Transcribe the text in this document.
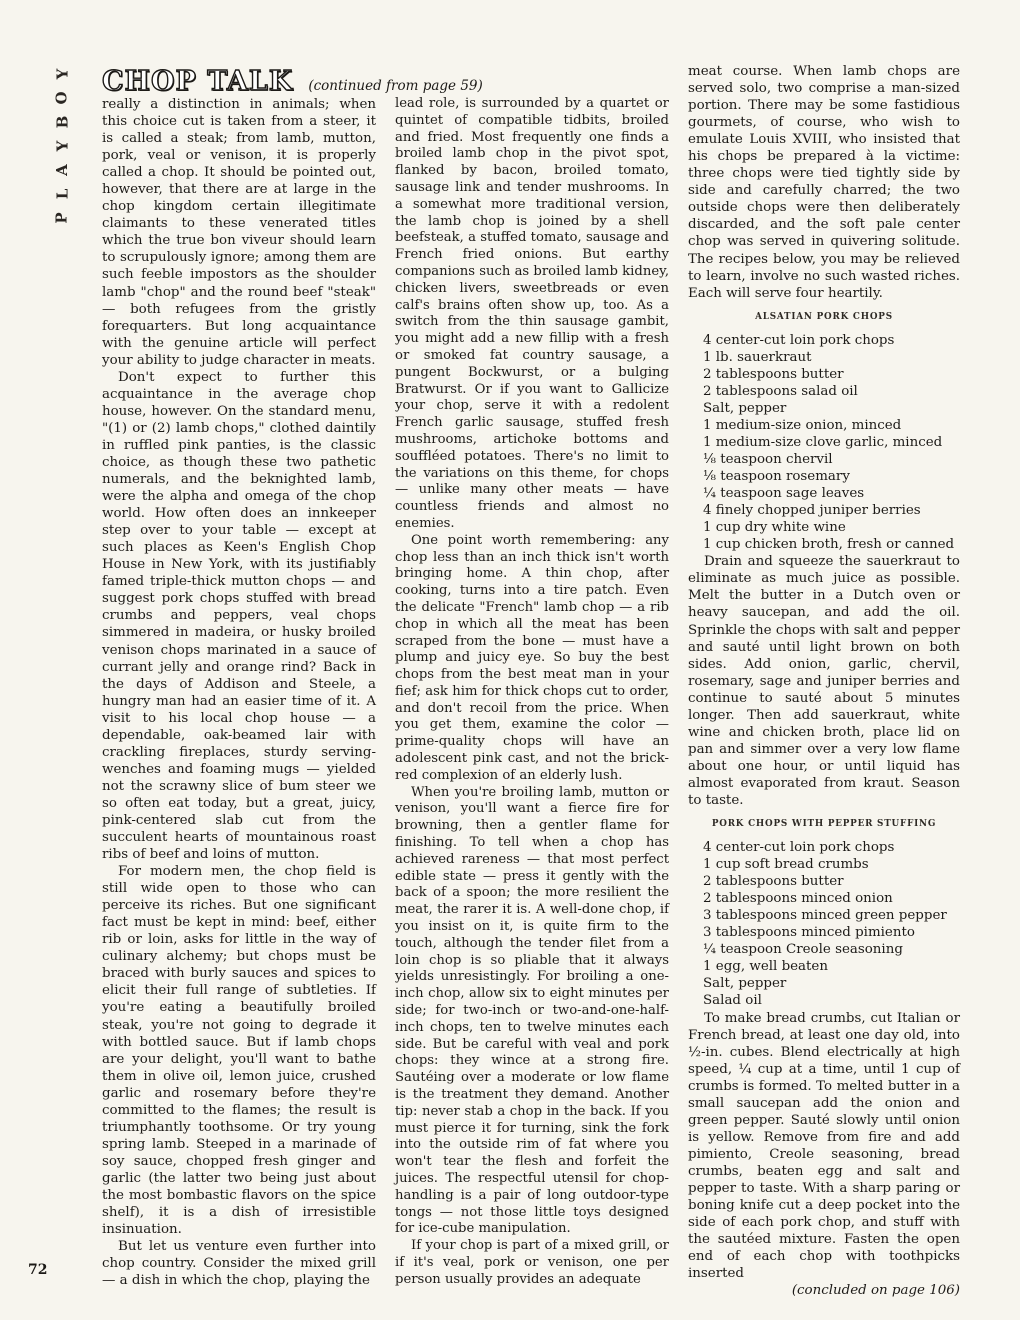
Y
O
B
Y
A
L
P
72
CHOP TALK (continued from page 59)

really a distinction in animals; when this choice cut is taken from a steer, it is called a steak; from lamb, mutton, pork, veal or venison, it is properly called a chop. It should be pointed out, however, that there are at large in the chop kingdom certain illegitimate claimants to these venerated titles which the true bon viveur should learn to scrupulously ignore; among them are such feeble impostors as the shoulder lamb "chop" and the round beef "steak" — both refugees from the gristly forequarters. But long acquaintance with the genuine article will perfect your ability to judge character in meats.

Don't expect to further this acquaintance in the average chop house, however. On the standard menu, "(1) or (2) lamb chops," clothed daintily in ruffled pink panties, is the classic choice, as though these two pathetic numerals, and the beknighted lamb, were the alpha and omega of the chop world. How often does an innkeeper step over to your table — except at such places as Keen's English Chop House in New York, with its justifiably famed triple-thick mutton chops — and suggest pork chops stuffed with bread crumbs and peppers, veal chops simmered in madeira, or husky broiled venison chops marinated in a sauce of currant jelly and orange rind? Back in the days of Addison and Steele, a hungry man had an easier time of it. A visit to his local chop house — a dependable, oak-beamed lair with crackling fireplaces, sturdy serving-wenches and foaming mugs — yielded not the scrawny slice of bum steer we so often eat today, but a great, juicy, pink-centered slab cut from the succulent hearts of mountainous roast ribs of beef and loins of mutton.

For modern men, the chop field is still wide open to those who can perceive its riches. But one significant fact must be kept in mind: beef, either rib or loin, asks for little in the way of culinary alchemy; but chops must be braced with burly sauces and spices to elicit their full range of subtleties. If you're eating a beautifully broiled steak, you're not going to degrade it with bottled sauce. But if lamb chops are your delight, you'll want to bathe them in olive oil, lemon juice, crushed garlic and rosemary before they're committed to the flames; the result is triumphantly toothsome. Or try young spring lamb. Steeped in a marinade of soy sauce, chopped fresh ginger and garlic (the latter two being just about the most bombastic flavors on the spice shelf), it is a dish of irresistible insinuation.

But let us venture even further into chop country. Consider the mixed grill — a dish in which the chop, playing the

lead role, is surrounded by a quartet or quintet of compatible tidbits, broiled and fried. Most frequently one finds a broiled lamb chop in the pivot spot, flanked by bacon, broiled tomato, sausage link and tender mushrooms. In a somewhat more traditional version, the lamb chop is joined by a shell beefsteak, a stuffed tomato, sausage and French fried onions. But earthy companions such as broiled lamb kidney, chicken livers, sweetbreads or even calf's brains often show up, too. As a switch from the thin sausage gambit, you might add a new fillip with a fresh or smoked fat country sausage, a pungent Bockwurst, or a bulging Bratwurst. Or if you want to Gallicize your chop, serve it with a redolent French garlic sausage, stuffed fresh mushrooms, artichoke bottoms and souffléed potatoes. There's no limit to the variations on this theme, for chops — unlike many other meats — have countless friends and almost no enemies.

One point worth remembering: any chop less than an inch thick isn't worth bringing home. A thin chop, after cooking, turns into a tire patch. Even the delicate "French" lamb chop — a rib chop in which all the meat has been scraped from the bone — must have a plump and juicy eye. So buy the best chops from the best meat man in your fief; ask him for thick chops cut to order, and don't recoil from the price. When you get them, examine the color — prime-quality chops will have an adolescent pink cast, and not the brick-red complexion of an elderly lush.

When you're broiling lamb, mutton or venison, you'll want a fierce fire for browning, then a gentler flame for finishing. To tell when a chop has achieved rareness — that most perfect edible state — press it gently with the back of a spoon; the more resilient the meat, the rarer it is. A well-done chop, if you insist on it, is quite firm to the touch, although the tender filet from a loin chop is so pliable that it always yields unresistingly. For broiling a one-inch chop, allow six to eight minutes per side; for two-inch or two-and-one-half-inch chops, ten to twelve minutes each side. But be careful with veal and pork chops: they wince at a strong fire. Sautéing over a moderate or low flame is the treatment they demand. Another tip: never stab a chop in the back. If you must pierce it for turning, sink the fork into the outside rim of fat where you won't tear the flesh and forfeit the juices. The respectful utensil for chop-handling is a pair of long outdoor-type tongs — not those little toys designed for ice-cube manipulation.

If your chop is part of a mixed grill, or if it's veal, pork or venison, one per person usually provides an adequate

meat course. When lamb chops are served solo, two comprise a man-sized portion. There may be some fastidious gourmets, of course, who wish to emulate Louis XVIII, who insisted that his chops be prepared à la victime: three chops were tied tightly side by side and carefully charred; the two outside chops were then deliberately discarded, and the soft pale center chop was served in quivering solitude. The recipes below, you may be relieved to learn, involve no such wasted riches. Each will serve four heartily.

ALSATIAN PORK CHOPS
4 center-cut loin pork chops
1 lb. sauerkraut
2 tablespoons butter
2 tablespoons salad oil
Salt, pepper
1 medium-size onion, minced
1 medium-size clove garlic, minced
⅛ teaspoon chervil
⅛ teaspoon rosemary
¼ teaspoon sage leaves
4 finely chopped juniper berries
1 cup dry white wine
1 cup chicken broth, fresh or canned

Drain and squeeze the sauerkraut to eliminate as much juice as possible. Melt the butter in a Dutch oven or heavy saucepan, and add the oil. Sprinkle the chops with salt and pepper and sauté until light brown on both sides. Add onion, garlic, chervil, rosemary, sage and juniper berries and continue to sauté about 5 minutes longer. Then add sauerkraut, white wine and chicken broth, place lid on pan and simmer over a very low flame about one hour, or until liquid has almost evaporated from kraut. Season to taste.

PORK CHOPS WITH PEPPER STUFFING
4 center-cut loin pork chops
1 cup soft bread crumbs
2 tablespoons butter
2 tablespoons minced onion
3 tablespoons minced green pepper
3 tablespoons minced pimiento
¼ teaspoon Creole seasoning
1 egg, well beaten
Salt, pepper
Salad oil

To make bread crumbs, cut Italian or French bread, at least one day old, into ½-in. cubes. Blend electrically at high speed, ¼ cup at a time, until 1 cup of crumbs is formed. To melted butter in a small saucepan add the onion and green pepper. Sauté slowly until onion is yellow. Remove from fire and add pimiento, Creole seasoning, bread crumbs, beaten egg and salt and pepper to taste. With a sharp paring or boning knife cut a deep pocket into the side of each pork chop, and stuff with the sautéed mixture. Fasten the open end of each chop with toothpicks inserted

(concluded on page 106)
